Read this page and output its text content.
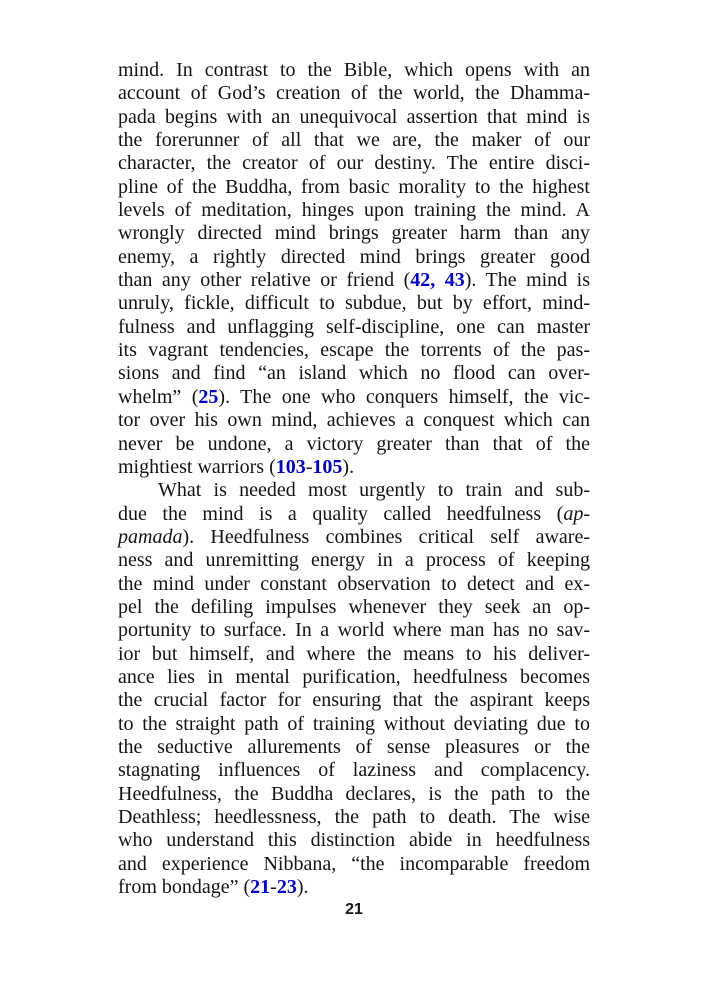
mind. In contrast to the Bible, which opens with an
account of God’s creation of the world, the Dhamma-
pada begins with an unequivocal assertion that mind is
the forerunner of all that we are, the maker of our
character, the creator of our destiny. The entire disci-
pline of the Buddha, from basic morality to the highest
levels of meditation, hinges upon training the mind. A
wrongly directed mind brings greater harm than any
enemy, a rightly directed mind brings greater good
than any other relative or friend (42, 43). The mind is
unruly, fickle, difficult to subdue, but by effort, mind-
fulness and unflagging self-discipline, one can master
its vagrant tendencies, escape the torrents of the pas-
sions and find “an island which no flood can over-
whelm” (25). The one who conquers himself, the vic-
tor over his own mind, achieves a conquest which can
never be undone, a victory greater than that of the
mightiest warriors (103-105).
What is needed most urgently to train and sub-
due the mind is a quality called heedfulness (ap-
pamada). Heedfulness combines critical self aware-
ness and unremitting energy in a process of keeping
the mind under constant observation to detect and ex-
pel the defiling impulses whenever they seek an op-
portunity to surface. In a world where man has no sav-
ior but himself, and where the means to his deliver-
ance lies in mental purification, heedfulness becomes
the crucial factor for ensuring that the aspirant keeps
to the straight path of training without deviating due to
the seductive allurements of sense pleasures or the
stagnating influences of laziness and complacency.
Heedfulness, the Buddha declares, is the path to the
Deathless; heedlessness, the path to death. The wise
who understand this distinction abide in heedfulness
and experience Nibbana, “the incomparable freedom
from bondage” (21-23).
21
